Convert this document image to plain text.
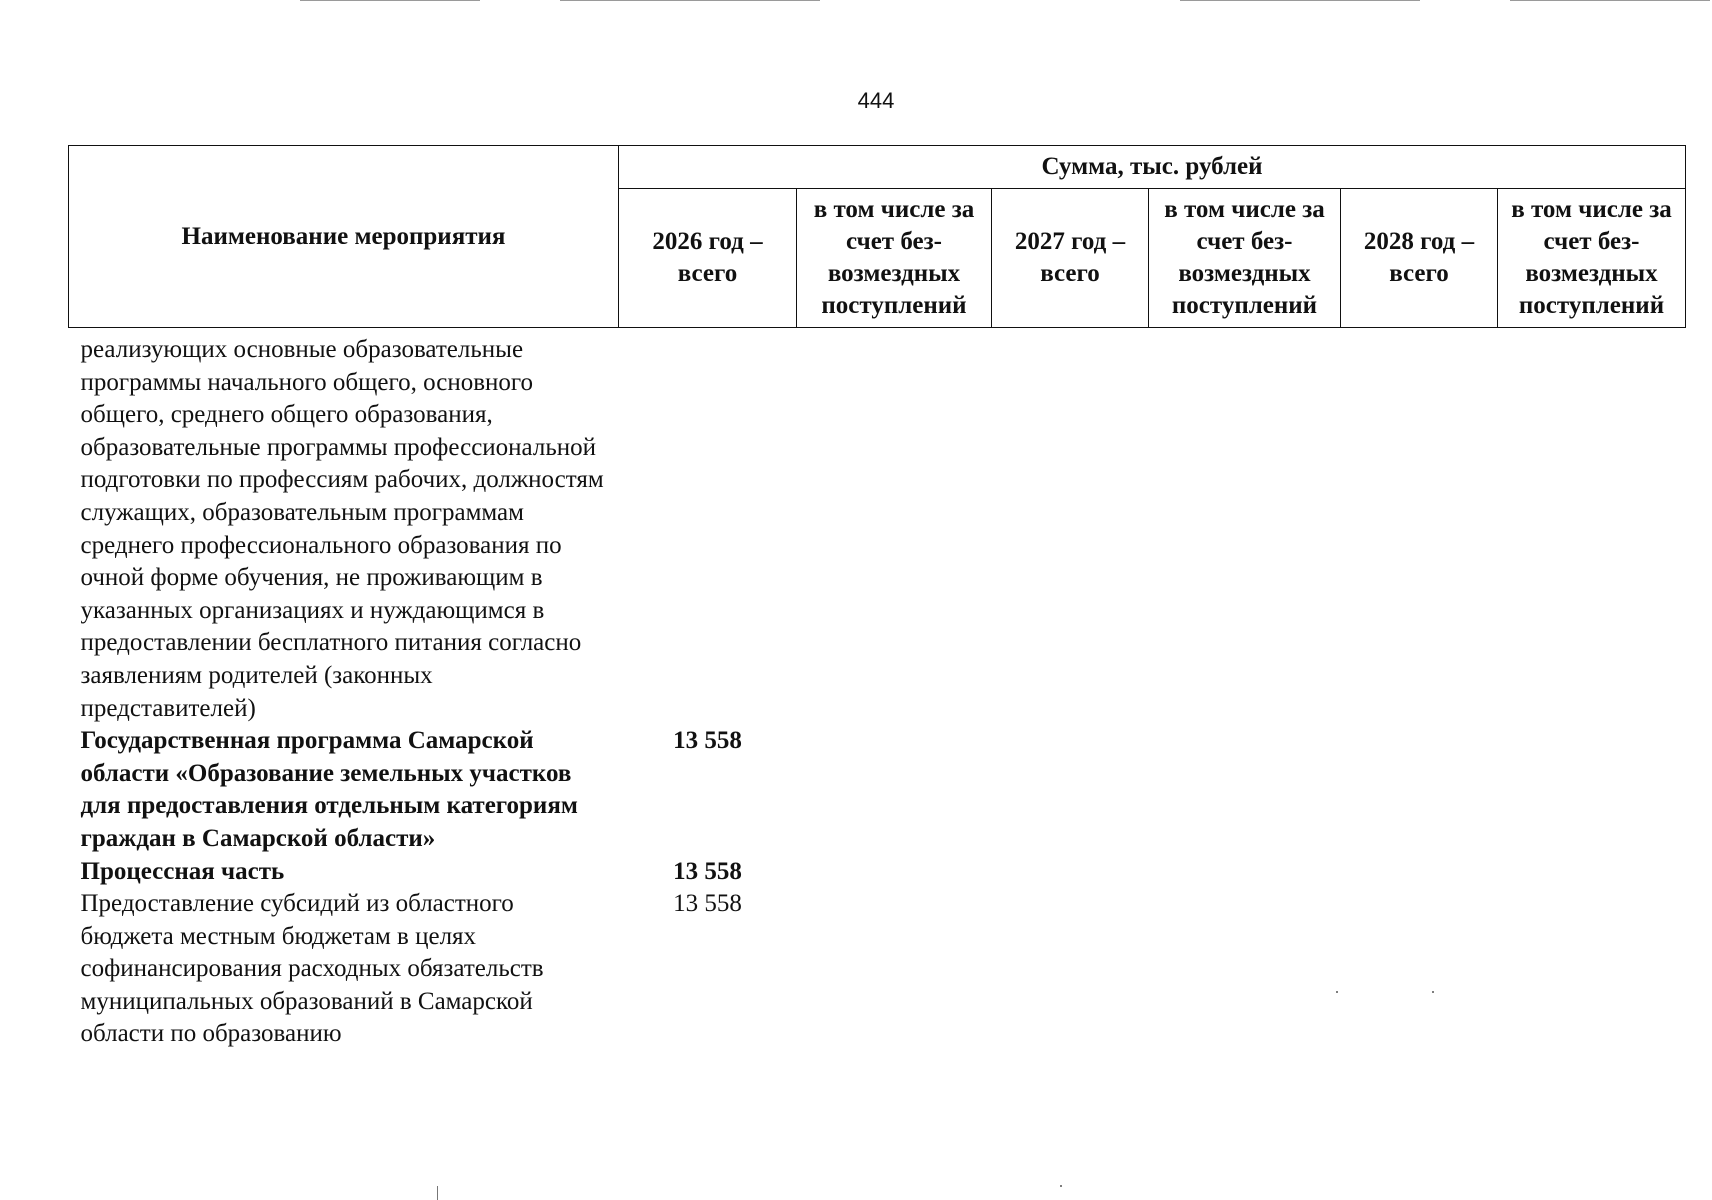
444
Наименование мероприятия	Сумма, тыс. рублей					
	2026 год – всего	в том числе за счет без-возмездных поступлений	2027 год – всего	в том числе за счет без-возмездных поступлений	2028 год – всего	в том числе за счет без-возмездных поступлений
реализующих основные образовательные программы начального общего, основного общего, среднего общего образования, образовательные программы профессиональной подготовки по профессиям рабочих, должностям служащих, образовательным программам среднего профессионального образования по очной форме обучения, не проживающим в указанных организациях и нуждающимся в предоставлении бесплатного питания согласно заявлениям родителей (законных представителей)						
Государственная программа Самарской области «Образование земельных участков для предоставления отдельным категориям граждан в Самарской области»	13 558					
Процессная часть	13 558					
Предоставление субсидий из областного бюджета местным бюджетам в целях софинансирования расходных обязательств муниципальных образований в Самарской области по образованию	13 558					
